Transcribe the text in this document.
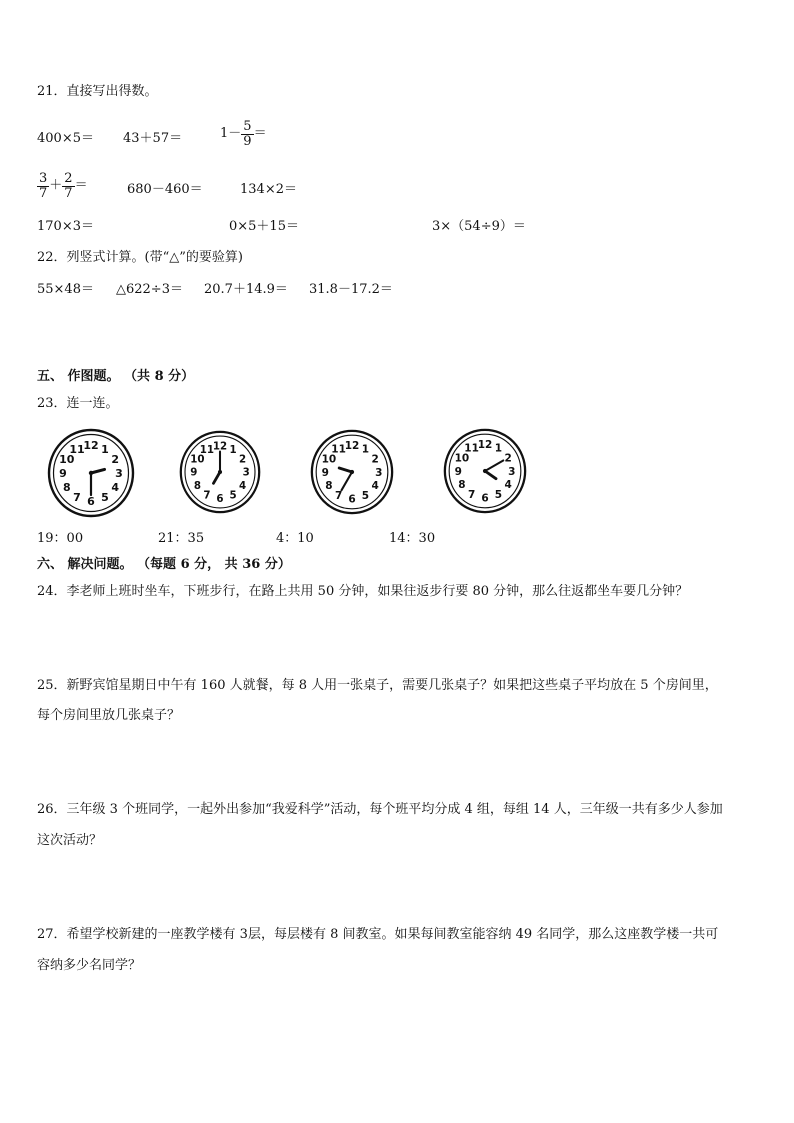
21．直接写出得数。
400×5＝ 43＋57＝	$1- \frac{5}{9}$ ＝
$\frac{3}{7} + \frac{2}{7}$ ＝	680－460＝	134×2＝
170×3＝	0×5＋15＝	3×（54÷9）＝
22．列竖式计算。(带“△”的要验算)
55×48＝ △622÷3＝ 20.7＋14.9＝ 31.8－17.2＝
五、 作图题。 （共 8 分）
23．连一连。
12 1
2
3
4
5
6
7
8
9
10
11	12 1
2
3
4
5
6
7
8
9
10
11	12 1
2
3
4
5
6
7
8
9
10
11	12 1
2
3
4
5
6
7
8
9
10
11
19：00	21：35	4：10	14：30
六、 解决问题。 （每题 6 分， 共 36 分）
24．李老师上班时坐车，下班步行，在路上共用 50 分钟，如果往返步行要 80 分钟，那么往返都坐车要几分钟？
25．新野宾馆星期日中午有 160 人就餐，每 8 人用一张桌子，需要几张桌子？如果把这些桌子平均放在 5 个房间里，
每个房间里放几张桌子？
26．三年级 3 个班同学，一起外出参加“我爱科学”活动，每个班平均分成 4 组，每组 14 人，三年级一共有多少人参加
这次活动？
27．希望学校新建的一座教学楼有 3层，每层楼有 8 间教室。如果每间教室能容纳 49 名同学，那么这座教学楼一共可
容纳多少名同学？
